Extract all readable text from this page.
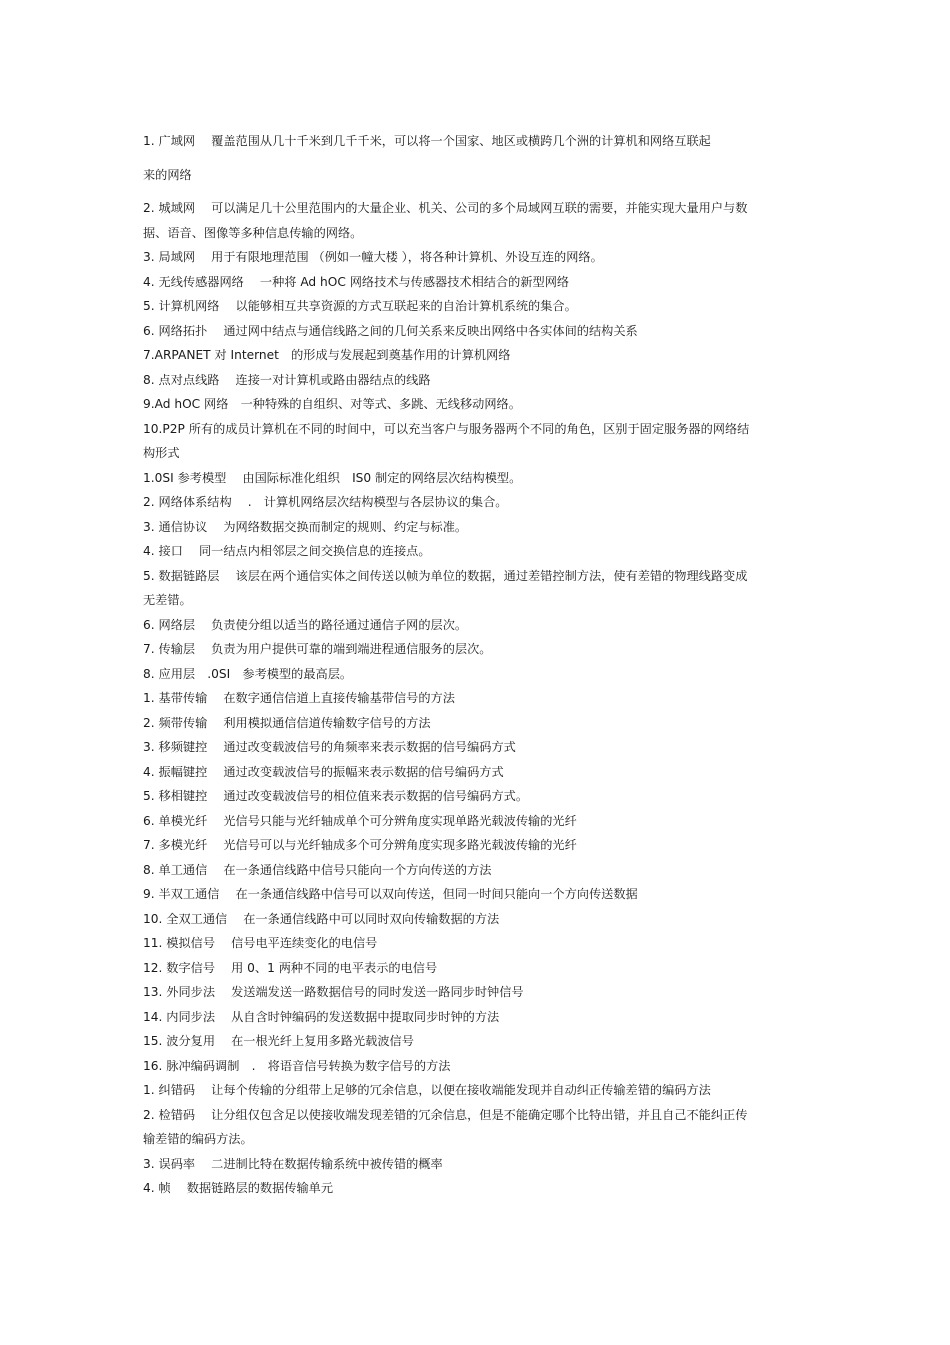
1. 广域网　 覆盖范围从几十千米到几千千米，可以将一个国家、地区或横跨几个洲的计算机和网络互联起

来的网络

2. 城域网　 可以满足几十公里范围内的大量企业、机关、公司的多个局域网互联的需要，并能实现大量用户与数据、语音、图像等多种信息传输的网络。

3. 局域网　 用于有限地理范围 （例如一幢大楼 ），将各种计算机、外设互连的网络。

4. 无线传感器网络　 一种将 Ad hOC 网络技术与传感器技术相结合的新型网络

5. 计算机网络　 以能够相互共享资源的方式互联起来的自治计算机系统的集合。

6. 网络拓扑　 通过网中结点与通信线路之间的几何关系来反映出网络中各实体间的结构关系

7.ARPANET 对 Internet　的形成与发展起到奠基作用的计算机网络

8. 点对点线路　 连接一对计算机或路由器结点的线路

9.Ad hOC 网络　一种特殊的自组织、对等式、多跳、无线移动网络。

10.P2P 所有的成员计算机在不同的时间中，可以充当客户与服务器两个不同的角色，区别于固定服务器的网络结构形式

1.0SI 参考模型　 由国际标准化组织　IS0 制定的网络层次结构模型。

2. 网络体系结构　 .　计算机网络层次结构模型与各层协议的集合。

3. 通信协议　 为网络数据交换而制定的规则、约定与标准。

4. 接口　 同一结点内相邻层之间交换信息的连接点。

5. 数据链路层　 该层在两个通信实体之间传送以帧为单位的数据，通过差错控制方法，使有差错的物理线路变成无差错。

6. 网络层　 负责使分组以适当的路径通过通信子网的层次。

7. 传输层　 负责为用户提供可靠的端到端进程通信服务的层次。

8. 应用层　.0SI　参考模型的最高层。

1. 基带传输　 在数字通信信道上直接传输基带信号的方法

2. 频带传输　 利用模拟通信信道传输数字信号的方法

3. 移频键控　 通过改变载波信号的角频率来表示数据的信号编码方式

4. 振幅键控　 通过改变载波信号的振幅来表示数据的信号编码方式

5. 移相键控　 通过改变载波信号的相位值来表示数据的信号编码方式。

6. 单模光纤　 光信号只能与光纤轴成单个可分辨角度实现单路光载波传输的光纤

7. 多模光纤　 光信号可以与光纤轴成多个可分辨角度实现多路光载波传输的光纤

8. 单工通信　 在一条通信线路中信号只能向一个方向传送的方法

9. 半双工通信　 在一条通信线路中信号可以双向传送，但同一时间只能向一个方向传送数据

10. 全双工通信　 在一条通信线路中可以同时双向传输数据的方法

11. 模拟信号　 信号电平连续变化的电信号

12. 数字信号　 用 0、1 两种不同的电平表示的电信号

13. 外同步法　 发送端发送一路数据信号的同时发送一路同步时钟信号

14. 内同步法　 从自含时钟编码的发送数据中提取同步时钟的方法

15. 波分复用　 在一根光纤上复用多路光载波信号

16. 脉冲编码调制　.　将语音信号转换为数字信号的方法

1. 纠错码　 让每个传输的分组带上足够的冗余信息，以便在接收端能发现并自动纠正传输差错的编码方法

2. 检错码　 让分组仅包含足以使接收端发现差错的冗余信息，但是不能确定哪个比特出错，并且自己不能纠正传输差错的编码方法。

3. 误码率　 二进制比特在数据传输系统中被传错的概率

4. 帧　 数据链路层的数据传输单元
